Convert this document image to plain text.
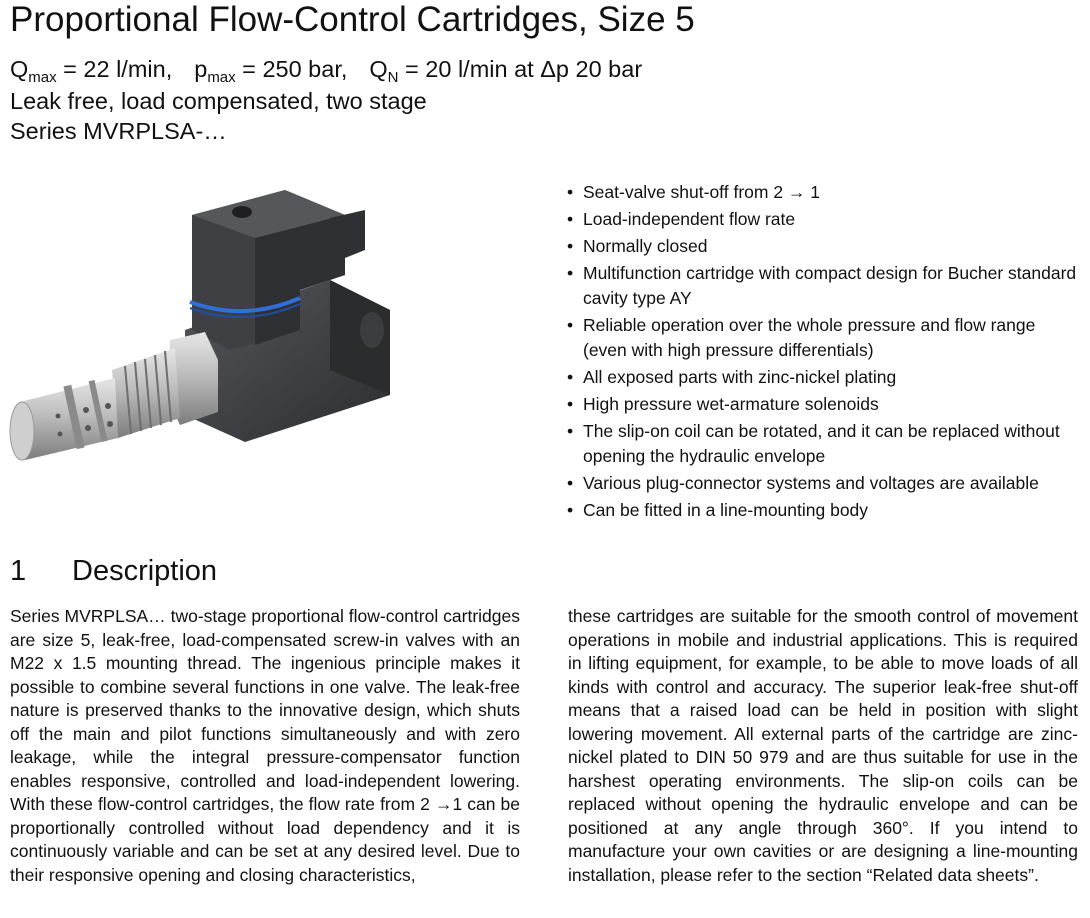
Proportional Flow-Control Cartridges, Size 5
$Q_{max} = 22$ l/min, $p_{max} = 250$ bar, $Q_N = 20$ l/min at Δp 20 bar
Leak free, load compensated, two stage
Series MVRPLSA-…
• Seat-valve shut-off from 2 → 1
• Load-independent flow rate
• Normally closed
• Multifunction cartridge with compact design for Bucher standard cavity type AY
• Reliable operation over the whole pressure and flow range (even with high pressure differentials)
• All exposed parts with zinc-nickel plating
• High pressure wet-armature solenoids
• The slip-on coil can be rotated, and it can be replaced without opening the hydraulic envelope
• Various plug-connector systems and voltages are available
• Can be fitted in a line-mounting body
1 Description

Series MVRPLSA… two-stage proportional flow-control cartridges are size 5, leak-free, load-compensated screw-in valves with an M22 x 1.5 mounting thread. The ingenious principle makes it possible to combine several functions in one valve. The leak-free nature is preserved thanks to the innovative design, which shuts off the main and pilot functions simultaneously and with zero leakage, while the integral pressure-compensator function enables responsive, controlled and load-independent lowering. With these flow-control cartridges, the flow rate from 2 →1 can be proportionally controlled without load dependency and it is continuously variable and can be set at any desired level. Due to their responsive opening and closing characteristics,

these cartridges are suitable for the smooth control of movement operations in mobile and industrial applications. This is required in lifting equipment, for example, to be able to move loads of all kinds with control and accuracy. The superior leak-free shut-off means that a raised load can be held in position with slight lowering movement. All external parts of the cartridge are zinc-nickel plated to DIN 50 979 and are thus suitable for use in the harshest operating environments. The slip-on coils can be replaced without opening the hydraulic envelope and can be positioned at any angle through 360°. If you intend to manufacture your own cavities or are designing a line-mounting installation, please refer to the section “Related data sheets”.
